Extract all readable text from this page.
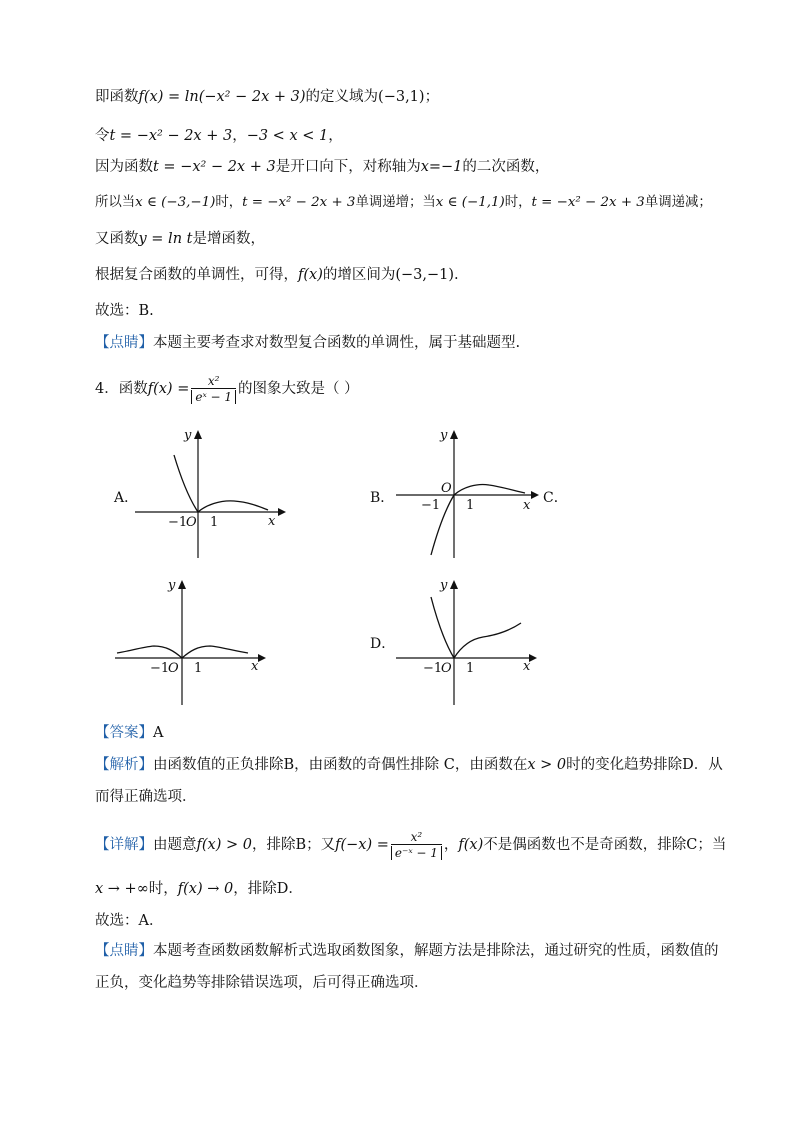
即函数f(x) = ln(−x² − 2x + 3)的定义域为(−3,1)；
令t = −x² − 2x + 3，−3 < x < 1，
因为函数t = −x² − 2x + 3是开口向下，对称轴为x=−1的二次函数，
所以当x ∈ (−3,−1)时，t = −x² − 2x + 3单调递增；当x ∈ (−1,1)时，t = −x² − 2x + 3单调递减；
又函数y = ln t是增函数，
根据复合函数的单调性，可得，f(x)的增区间为(−3,−1).
故选：B.
【点睛】本题主要考查求对数型复合函数的单调性，属于基础题型.
4．函数$f(x) = \frac{\text{x²}}{\text{eˣ − 1}}$ 的图象大致是（ ）
A．
y
x
−1
O 1
B．
y
x
−1
O
1	C．
y
x
−1
O 1
D．
y
x
−1
O 1
【答案】A
【解析】由函数值的正负排除B，由函数的奇偶性排除 C，由函数在x > 0时的变化趋势排除D．从
而得正确选项．
【详解】由题意f(x) > 0，排除B；又$f(-x) = \frac{\text{x²}}{\text{e⁻ˣ − 1}}$ ，f(x)不是偶函数也不是奇函数，排除C；当
x → +∞时，f(x) → 0，排除D．
故选：A．
【点睛】本题考查函数函数解析式选取函数图象，解题方法是排除法，通过研究的性质，函数值的
正负，变化趋势等排除错误选项，后可得正确选项．
